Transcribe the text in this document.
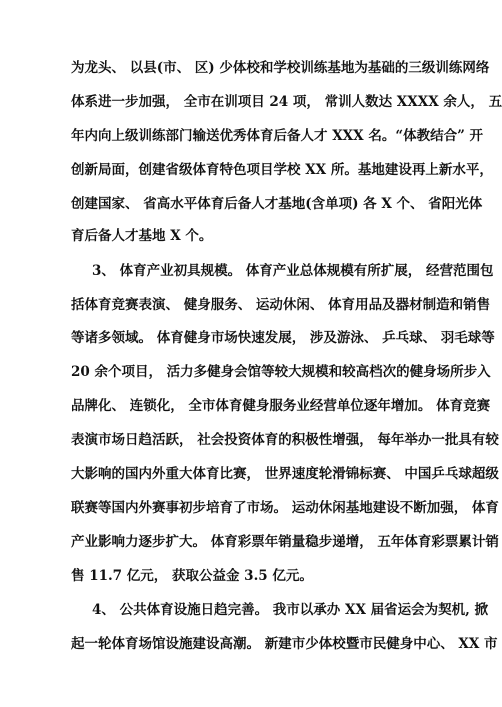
为龙头、 以县(市、 区) 少体校和学校训练基地为基础的三级训练网络
体系进一步加强， 全市在训项目 24 项， 常训人数达 XXXX 余人， 五
年内向上级训练部门输送优秀体育后备人才 XXX 名。“体教结合” 开
创新局面，创建省级体育特色项目学校 XX 所。基地建设再上新水平，
创建国家、 省高水平体育后备人才基地(含单项) 各 X 个、 省阳光体
育后备人才基地 X 个。
3、 体育产业初具规模。 体育产业总体规模有所扩展， 经营范围包
括体育竞赛表演、 健身服务、 运动休闲、 体育用品及器材制造和销售
等诸多领域。 体育健身市场快速发展， 涉及游泳、 乒乓球、 羽毛球等
20 余个项目， 活力多健身会馆等较大规模和较高档次的健身场所步入
品牌化、 连锁化， 全市体育健身服务业经营单位逐年增加。 体育竞赛
表演市场日趋活跃， 社会投资体育的积极性增强， 每年举办一批具有较
大影响的国内外重大体育比赛， 世界速度轮滑锦标赛、 中国乒乓球超级
联赛等国内外赛事初步培育了市场。 运动休闲基地建设不断加强， 体育
产业影响力逐步扩大。 体育彩票年销量稳步递增， 五年体育彩票累计销
售 11.7 亿元， 获取公益金 3.5 亿元。
4、 公共体育设施日趋完善。 我市以承办 XX 届省运会为契机, 掀
起一轮体育场馆设施建设高潮。 新建市少体校暨市民健身中心、 XX 市
